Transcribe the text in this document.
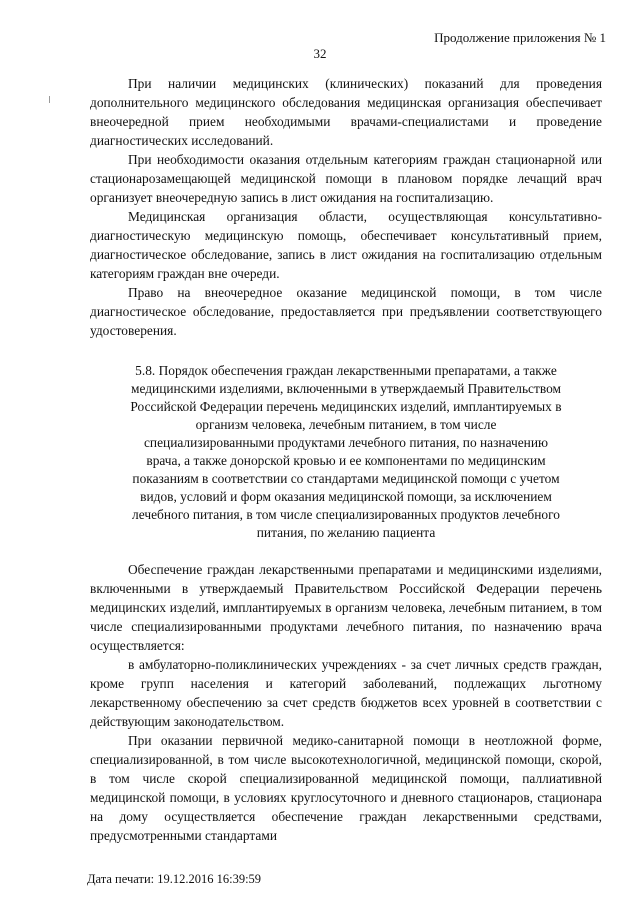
Продолжение приложения № 1
32

При наличии медицинских (клинических) показаний для проведения дополнительного медицинского обследования медицинская организация обеспечивает внеочередной прием необходимыми врачами-специалистами и проведение диагностических исследований.

При необходимости оказания отдельным категориям граждан стационарной или стационарозамещающей медицинской помощи в плановом порядке лечащий врач организует внеочередную запись в лист ожидания на госпитализацию.

Медицинская организация области, осуществляющая консультативно-диагностическую медицинскую помощь, обеспечивает консультативный прием, диагностическое обследование, запись в лист ожидания на госпитализацию отдельным категориям граждан вне очереди.

Право на внеочередное оказание медицинской помощи, в том числе диагностическое обследование, предоставляется при предъявлении соответствующего удостоверения.

5.8. Порядок обеспечения граждан лекарственными препаратами, а также медицинскими изделиями, включенными в утверждаемый Правительством Российской Федерации перечень медицинских изделий, имплантируемых в организм человека, лечебным питанием, в том числе специализированными продуктами лечебного питания, по назначению врача, а также донорской кровью и ее компонентами по медицинским показаниям в соответствии со стандартами медицинской помощи с учетом видов, условий и форм оказания медицинской помощи, за исключением лечебного питания, в том числе специализированных продуктов лечебного питания, по желанию пациента

Обеспечение граждан лекарственными препаратами и медицинскими изделиями, включенными в утверждаемый Правительством Российской Федерации перечень медицинских изделий, имплантируемых в организм человека, лечебным питанием, в том числе специализированными продуктами лечебного питания, по назначению врача осуществляется:

в амбулаторно-поликлинических учреждениях - за счет личных средств граждан, кроме групп населения и категорий заболеваний, подлежащих льготному лекарственному обеспечению за счет средств бюджетов всех уровней в соответствии с действующим законодательством.

При оказании первичной медико-санитарной помощи в неотложной форме, специализированной, в том числе высокотехнологичной, медицинской помощи, скорой, в том числе скорой специализированной медицинской помощи, паллиативной медицинской помощи, в условиях круглосуточного и дневного стационаров, стационара на дому осуществляется обеспечение граждан лекарственными средствами, предусмотренными стандартами

Дата печати: 19.12.2016 16:39:59
